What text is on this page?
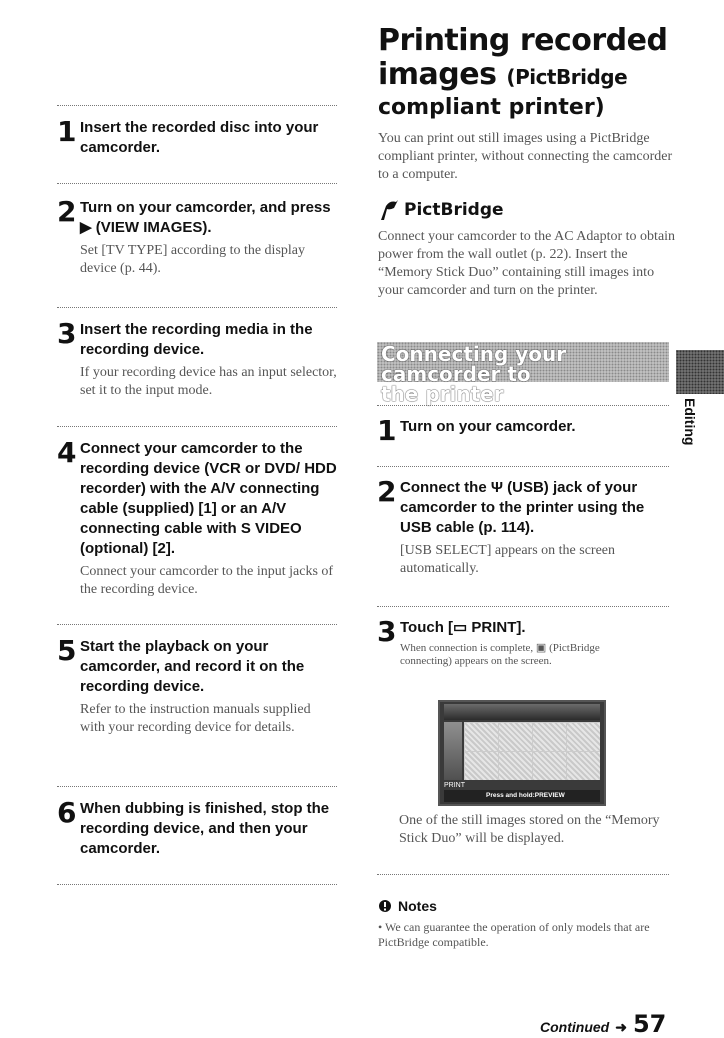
1 Insert the recorded disc into your camcorder.
2 Turn on your camcorder, and press ▶ (VIEW IMAGES).
Set [TV TYPE] according to the display device (p. 44).
3 Insert the recording media in the recording device.
If your recording device has an input selector, set it to the input mode.
4 Connect your camcorder to the recording device (VCR or DVD/ HDD recorder) with the A/V connecting cable (supplied) [1] or an A/V connecting cable with S VIDEO (optional) [2].
Connect your camcorder to the input jacks of the recording device.
5 Start the playback on your camcorder, and record it on the recording device.
Refer to the instruction manuals supplied with your recording device for details.
6 When dubbing is finished, stop the recording device, and then your camcorder.
Printing recorded
images (PictBridge
compliant printer)
You can print out still images using a PictBridge compliant printer, without connecting the camcorder to a computer.
PictBridge
Connect your camcorder to the AC Adaptor to obtain power from the wall outlet (p. 22). Insert the “Memory Stick Duo” containing still images into your camcorder and turn on the printer.
Connecting your camcorder to
the printer
Editing
1 Turn on your camcorder.
2 Connect the Ψ (USB) jack of your camcorder to the printer using the USB cable (p. 114).
[USB SELECT] appears on the screen automatically.
3 Touch [▭ PRINT].
When connection is complete, ▣ (PictBridge connecting) appears on the screen.
PRINT
Press and hold:PREVIEW
One of the still images stored on the “Memory Stick Duo” will be displayed.
Notes
• We can guarantee the operation of only models that are PictBridge compatible.
Continued ➜ 57
